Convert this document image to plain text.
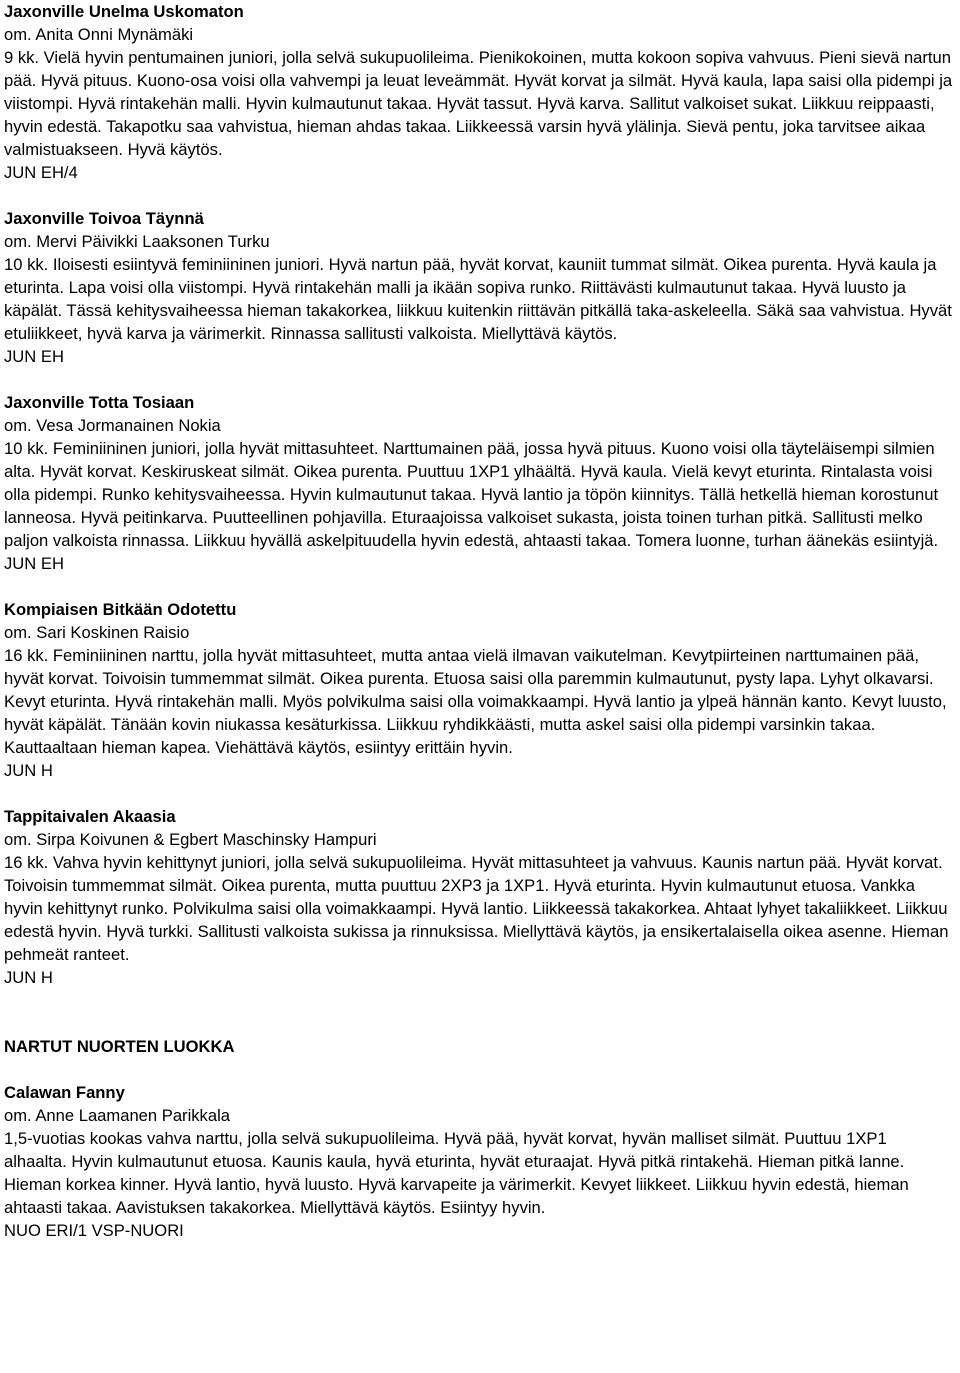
Jaxonville Unelma Uskomaton

om. Anita Onni Mynämäki

9 kk. Vielä hyvin pentumainen juniori, jolla selvä sukupuolileima. Pienikokoinen, mutta kokoon sopiva vahvuus. Pieni sievä nartun pää. Hyvä pituus. Kuono-osa voisi olla vahvempi ja leuat leveämmät. Hyvät korvat ja silmät. Hyvä kaula, lapa saisi olla pidempi ja viistompi. Hyvä rintakehän malli. Hyvin kulmautunut takaa. Hyvät tassut. Hyvä karva. Sallitut valkoiset sukat. Liikkuu reippaasti, hyvin edestä. Takapotku saa vahvistua, hieman ahdas takaa. Liikkeessä varsin hyvä ylälinja. Sievä pentu, joka tarvitsee aikaa valmistuakseen. Hyvä käytös.

JUN EH/4

Jaxonville Toivoa Täynnä

om. Mervi Päivikki Laaksonen Turku

10 kk. Iloisesti esiintyvä feminiininen juniori. Hyvä nartun pää, hyvät korvat, kauniit tummat silmät. Oikea purenta. Hyvä kaula ja eturinta. Lapa voisi olla viistompi. Hyvä rintakehän malli ja ikään sopiva runko. Riittävästi kulmautunut takaa. Hyvä luusto ja käpälät. Tässä kehitysvaiheessa hieman takakorkea, liikkuu kuitenkin riittävän pitkällä taka-askeleella. Säkä saa vahvistua. Hyvät etuliikkeet, hyvä karva ja värimerkit. Rinnassa sallitusti valkoista. Miellyttävä käytös.

JUN EH

Jaxonville Totta Tosiaan

om. Vesa Jormanainen Nokia

10 kk. Feminiininen juniori, jolla hyvät mittasuhteet. Narttumainen pää, jossa hyvä pituus. Kuono voisi olla täyteläisempi silmien alta. Hyvät korvat. Keskiruskeat silmät. Oikea purenta. Puuttuu 1XP1 ylhäältä. Hyvä kaula. Vielä kevyt eturinta. Rintalasta voisi olla pidempi. Runko kehitysvaiheessa. Hyvin kulmautunut takaa. Hyvä lantio ja töpön kiinnitys. Tällä hetkellä hieman korostunut lanneosa. Hyvä peitinkarva. Puutteellinen pohjavilla. Eturaajoissa valkoiset sukasta, joista toinen turhan pitkä. Sallitusti melko paljon valkoista rinnassa. Liikkuu hyvällä askelpituudella hyvin edestä, ahtaasti takaa. Tomera luonne, turhan äänekäs esiintyjä.

JUN EH

Kompiaisen Bitkään Odotettu

om. Sari Koskinen Raisio

16 kk. Feminiininen narttu, jolla hyvät mittasuhteet, mutta antaa vielä ilmavan vaikutelman. Kevytpiirteinen narttumainen pää, hyvät korvat. Toivoisin tummemmat silmät. Oikea purenta. Etuosa saisi olla paremmin kulmautunut, pysty lapa. Lyhyt olkavarsi. Kevyt eturinta. Hyvä rintakehän malli. Myös polvikulma saisi olla voimakkaampi. Hyvä lantio ja ylpeä hännän kanto. Kevyt luusto, hyvät käpälät. Tänään kovin niukassa kesäturkissa. Liikkuu ryhdikkäästi, mutta askel saisi olla pidempi varsinkin takaa. Kauttaaltaan hieman kapea. Viehättävä käytös, esiintyy erittäin hyvin.

JUN H

Tappitaivalen Akaasia

om. Sirpa Koivunen & Egbert Maschinsky Hampuri

16 kk. Vahva hyvin kehittynyt juniori, jolla selvä sukupuolileima. Hyvät mittasuhteet ja vahvuus. Kaunis nartun pää. Hyvät korvat. Toivoisin tummemmat silmät. Oikea purenta, mutta puuttuu 2XP3 ja 1XP1. Hyvä eturinta. Hyvin kulmautunut etuosa. Vankka hyvin kehittynyt runko. Polvikulma saisi olla voimakkaampi. Hyvä lantio. Liikkeessä takakorkea. Ahtaat lyhyet takaliikkeet. Liikkuu edestä hyvin. Hyvä turkki. Sallitusti valkoista sukissa ja rinnuksissa. Miellyttävä käytös, ja ensikertalaisella oikea asenne. Hieman pehmeät ranteet.

JUN H

NARTUT NUORTEN LUOKKA

Calawan Fanny

om. Anne Laamanen Parikkala

1,5-vuotias kookas vahva narttu, jolla selvä sukupuolileima. Hyvä pää, hyvät korvat, hyvän malliset silmät. Puuttuu 1XP1 alhaalta. Hyvin kulmautunut etuosa. Kaunis kaula, hyvä eturinta, hyvät eturaajat. Hyvä pitkä rintakehä. Hieman pitkä lanne. Hieman korkea kinner. Hyvä lantio, hyvä luusto. Hyvä karvapeite ja värimerkit. Kevyet liikkeet. Liikkuu hyvin edestä, hieman ahtaasti takaa. Aavistuksen takakorkea. Miellyttävä käytös. Esiintyy hyvin.

NUO ERI/1 VSP-NUORI
